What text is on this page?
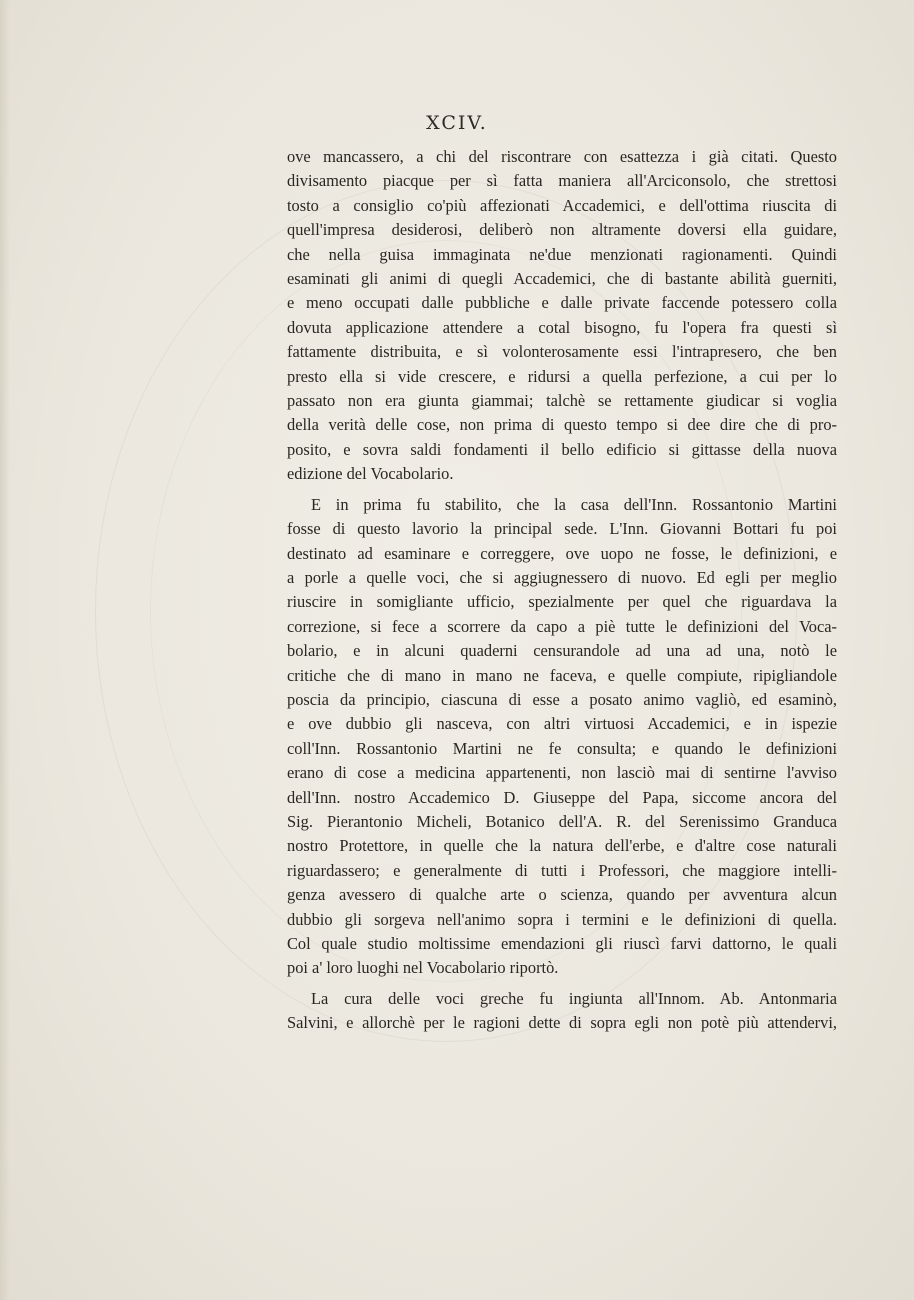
XCIV.
ove mancassero, a chi del riscontrare con esattezza i già citati. Questo
divisamento piacque per sì fatta maniera all'Arciconsolo, che strettosi
tosto a consiglio co'più affezionati Accademici, e dell'ottima riuscita di
quell'impresa desiderosi, deliberò non altramente doversi ella guidare,
che nella guisa immaginata ne'due menzionati ragionamenti. Quindi
esaminati gli animi di quegli Accademici, che di bastante abilità guerniti,
e meno occupati dalle pubbliche e dalle private faccende potessero colla
dovuta applicazione attendere a cotal bisogno, fu l'opera fra questi sì
fattamente distribuita, e sì volonterosamente essi l'intrapresero, che ben
presto ella si vide crescere, e ridursi a quella perfezione, a cui per lo
passato non era giunta giammai; talchè se rettamente giudicar si voglia
della verità delle cose, non prima di questo tempo si dee dire che di pro-
posito, e sovra saldi fondamenti il bello edificio si gittasse della nuova
edizione del Vocabolario.
E in prima fu stabilito, che la casa dell'Inn. Rossantonio Martini
fosse di questo lavorio la principal sede. L'Inn. Giovanni Bottari fu poi
destinato ad esaminare e correggere, ove uopo ne fosse, le definizioni, e
a porle a quelle voci, che si aggiugnessero di nuovo. Ed egli per meglio
riuscire in somigliante ufficio, spezialmente per quel che riguardava la
correzione, si fece a scorrere da capo a piè tutte le definizioni del Voca-
bolario, e in alcuni quaderni censurandole ad una ad una, notò le
critiche che di mano in mano ne faceva, e quelle compiute, ripigliandole
poscia da principio, ciascuna di esse a posato animo vagliò, ed esaminò,
e ove dubbio gli nasceva, con altri virtuosi Accademici, e in ispezie
coll'Inn. Rossantonio Martini ne fe consulta; e quando le definizioni
erano di cose a medicina appartenenti, non lasciò mai di sentirne l'avviso
dell'Inn. nostro Accademico D. Giuseppe del Papa, siccome ancora del
Sig. Pierantonio Micheli, Botanico dell'A. R. del Serenissimo Granduca
nostro Protettore, in quelle che la natura dell'erbe, e d'altre cose naturali
riguardassero; e generalmente di tutti i Professori, che maggiore intelli-
genza avessero di qualche arte o scienza, quando per avventura alcun
dubbio gli sorgeva nell'animo sopra i termini e le definizioni di quella.
Col quale studio moltissime emendazioni gli riuscì farvi dattorno, le quali
poi a' loro luoghi nel Vocabolario riportò.
La cura delle voci greche fu ingiunta all'Innom. Ab. Antonmaria
Salvini, e allorchè per le ragioni dette di sopra egli non potè più attendervi,
